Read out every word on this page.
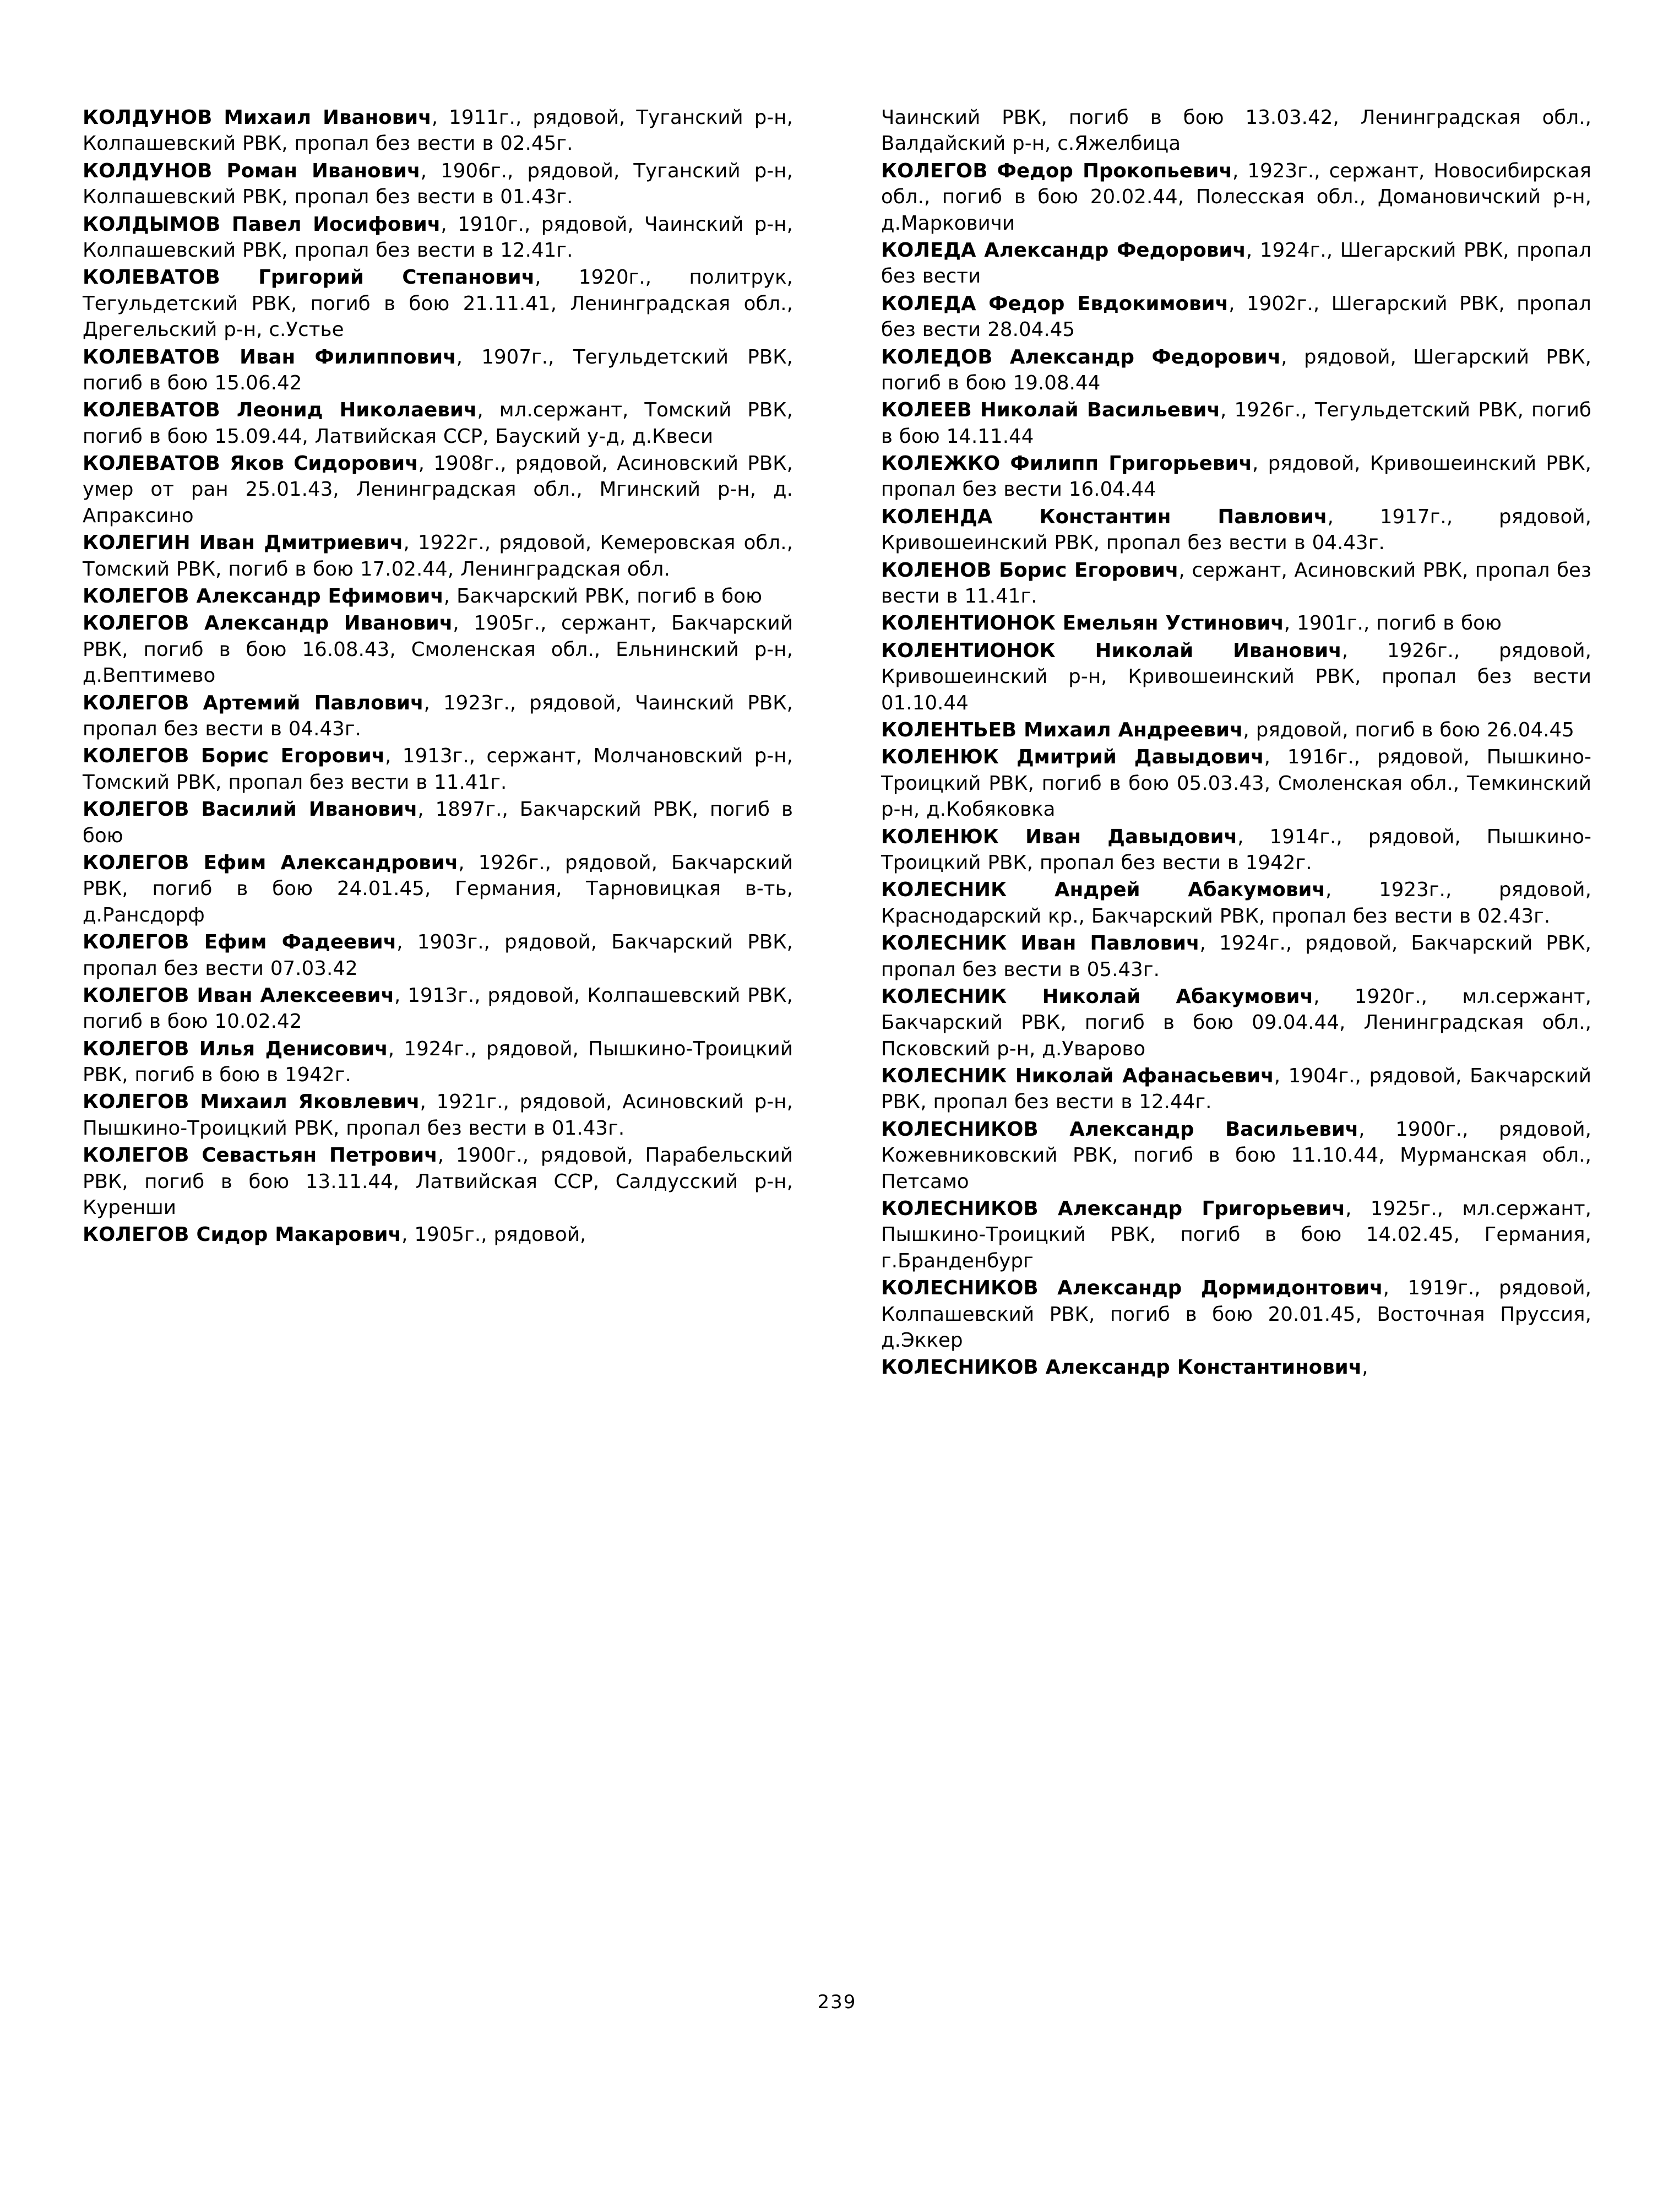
КОЛДУНОВ Михаил Иванович, 1911г., рядовой, Туганский р-н, Колпашевский РВК, пропал без вести в 02.45г.

КОЛДУНОВ Роман Иванович, 1906г., рядовой, Туганский р-н, Колпашевский РВК, пропал без вести в 01.43г.

КОЛДЫМОВ Павел Иосифович, 1910г., рядовой, Чаинский р-н, Колпашевский РВК, пропал без вести в 12.41г.

КОЛЕВАТОВ Григорий Степанович, 1920г., политрук, Тегульдетский РВК, погиб в бою 21.11.41, Ленинградская обл., Дрегельский р-н, с.Устье

КОЛЕВАТОВ Иван Филиппович, 1907г., Тегульдетский РВК, погиб в бою 15.06.42

КОЛЕВАТОВ Леонид Николаевич, мл.сержант, Томский РВК, погиб в бою 15.09.44, Латвийская ССР, Бауский у-д, д.Квеси

КОЛЕВАТОВ Яков Сидорович, 1908г., рядовой, Асиновский РВК, умер от ран 25.01.43, Ленинградская обл., Мгинский р-н, д. Апраксино

КОЛЕГИН Иван Дмитриевич, 1922г., рядовой, Кемеровская обл., Томский РВК, погиб в бою 17.02.44, Ленинградская обл.

КОЛЕГОВ Александр Ефимович, Бакчарский РВК, погиб в бою

КОЛЕГОВ Александр Иванович, 1905г., сержант, Бакчарский РВК, погиб в бою 16.08.43, Смоленская обл., Ельнинский р-н, д.Вептимево

КОЛЕГОВ Артемий Павлович, 1923г., рядовой, Чаинский РВК, пропал без вести в 04.43г.

КОЛЕГОВ Борис Егорович, 1913г., сержант, Молчановский р-н, Томский РВК, пропал без вести в 11.41г.

КОЛЕГОВ Василий Иванович, 1897г., Бакчарский РВК, погиб в бою

КОЛЕГОВ Ефим Александрович, 1926г., рядовой, Бакчарский РВК, погиб в бою 24.01.45, Германия, Тарновицкая в-ть, д.Рансдорф

КОЛЕГОВ Ефим Фадеевич, 1903г., рядовой, Бакчарский РВК, пропал без вести 07.03.42

КОЛЕГОВ Иван Алексеевич, 1913г., рядовой, Колпашевский РВК, погиб в бою 10.02.42

КОЛЕГОВ Илья Денисович, 1924г., рядовой, Пышкино-Троицкий РВК, погиб в бою в 1942г.

КОЛЕГОВ Михаил Яковлевич, 1921г., рядовой, Асиновский р-н, Пышкино-Троицкий РВК, пропал без вести в 01.43г.

КОЛЕГОВ Севастьян Петрович, 1900г., рядовой, Парабельский РВК, погиб в бою 13.11.44, Латвийская ССР, Салдусский р-н, Куренши

КОЛЕГОВ Сидор Макарович, 1905г., рядовой,

Чаинский РВК, погиб в бою 13.03.42, Ленинградская обл., Валдайский р-н, с.Яжелбица

КОЛЕГОВ Федор Прокопьевич, 1923г., сержант, Новосибирская обл., погиб в бою 20.02.44, Полесская обл., Домановичский р-н, д.Марковичи

КОЛЕДА Александр Федорович, 1924г., Шегарский РВК, пропал без вести

КОЛЕДА Федор Евдокимович, 1902г., Шегарский РВК, пропал без вести 28.04.45

КОЛЕДОВ Александр Федорович, рядовой, Шегарский РВК, погиб в бою 19.08.44

КОЛЕЕВ Николай Васильевич, 1926г., Тегульдетский РВК, погиб в бою 14.11.44

КОЛЕЖКО Филипп Григорьевич, рядовой, Кривошеинский РВК, пропал без вести 16.04.44

КОЛЕНДА Константин Павлович, 1917г., рядовой, Кривошеинский РВК, пропал без вести в 04.43г.

КОЛЕНОВ Борис Егорович, сержант, Асиновский РВК, пропал без вести в 11.41г.

КОЛЕНТИОНОК Емельян Устинович, 1901г., погиб в бою

КОЛЕНТИОНОК Николай Иванович, 1926г., рядовой, Кривошеинский р-н, Кривошеинский РВК, пропал без вести 01.10.44

КОЛЕНТЬЕВ Михаил Андреевич, рядовой, погиб в бою 26.04.45

КОЛЕНЮК Дмитрий Давыдович, 1916г., рядовой, Пышкино-Троицкий РВК, погиб в бою 05.03.43, Смоленская обл., Темкинский р-н, д.Кобяковка

КОЛЕНЮК Иван Давыдович, 1914г., рядовой, Пышкино-Троицкий РВК, пропал без вести в 1942г.

КОЛЕСНИК Андрей Абакумович, 1923г., рядовой, Краснодарский кр., Бакчарский РВК, пропал без вести в 02.43г.

КОЛЕСНИК Иван Павлович, 1924г., рядовой, Бакчарский РВК, пропал без вести в 05.43г.

КОЛЕСНИК Николай Абакумович, 1920г., мл.сержант, Бакчарский РВК, погиб в бою 09.04.44, Ленинградская обл., Псковский р-н, д.Уварово

КОЛЕСНИК Николай Афанасьевич, 1904г., рядовой, Бакчарский РВК, пропал без вести в 12.44г.

КОЛЕСНИКОВ Александр Васильевич, 1900г., рядовой, Кожевниковский РВК, погиб в бою 11.10.44, Мурманская обл., Петсамо

КОЛЕСНИКОВ Александр Григорьевич, 1925г., мл.сержант, Пышкино-Троицкий РВК, погиб в бою 14.02.45, Германия, г.Бранденбург

КОЛЕСНИКОВ Александр Дормидонтович, 1919г., рядовой, Колпашевский РВК, погиб в бою 20.01.45, Восточная Пруссия, д.Эккер

КОЛЕСНИКОВ Александр Константинович,

239
